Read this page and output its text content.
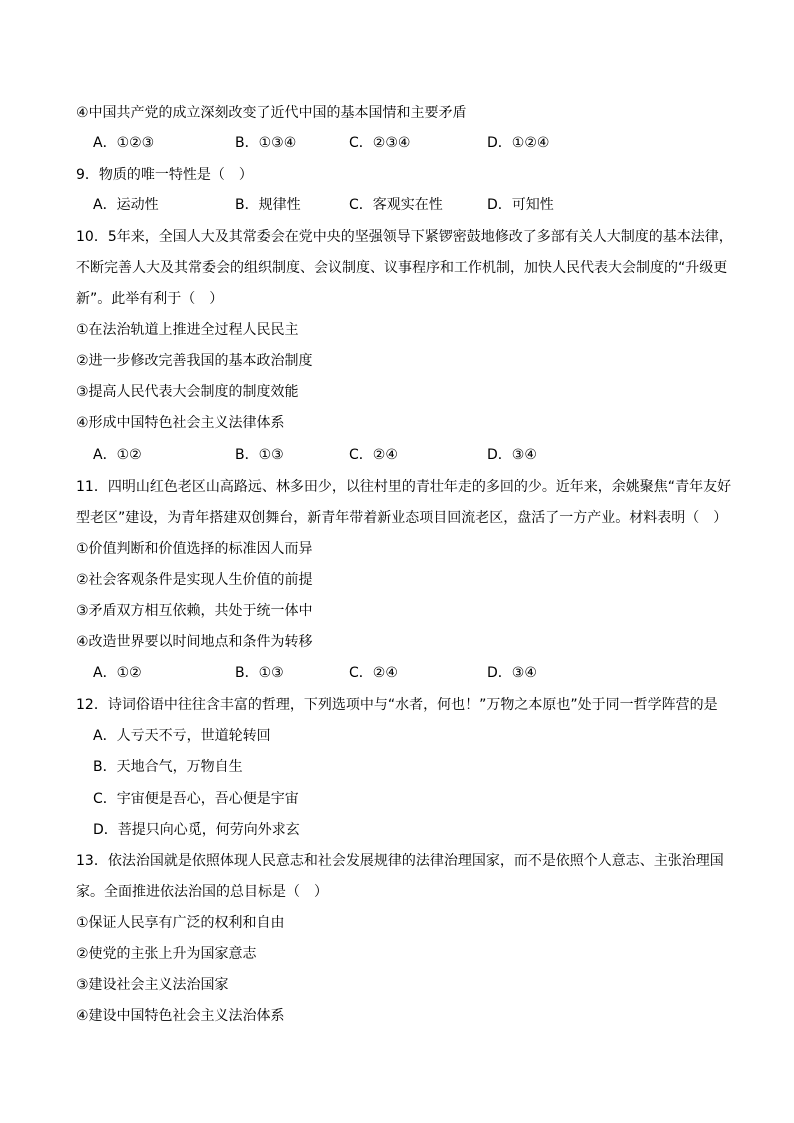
④中国共产党的成立深刻改变了近代中国的基本国情和主要矛盾
A．①②③	B．①③④	C．②③④	D．①②④
9．物质的唯一特性是（　）
A．运动性	B．规律性	C．客观实在性	D．可知性
10．5年来，全国人大及其常委会在党中央的坚强领导下紧锣密鼓地修改了多部有关人大制度的基本法律，
不断完善人大及其常委会的组织制度、会议制度、议事程序和工作机制，加快人民代表大会制度的“升级更
新”。此举有利于（　）
①在法治轨道上推进全过程人民民主
②进一步修改完善我国的基本政治制度
③提高人民代表大会制度的制度效能
④形成中国特色社会主义法律体系
A．①②	B．①③	C．②④	D．③④
11．四明山红色老区山高路远、林多田少，以往村里的青壮年走的多回的少。近年来，余姚聚焦“青年友好
型老区”建设，为青年搭建双创舞台，新青年带着新业态项目回流老区，盘活了一方产业。材料表明（　）
①价值判断和价值选择的标准因人而异
②社会客观条件是实现人生价值的前提
③矛盾双方相互依赖，共处于统一体中
④改造世界要以时间地点和条件为转移
A．①②	B．①③	C．②④	D．③④
12．诗词俗语中往往含丰富的哲理，下列选项中与“水者，何也！”万物之本原也”处于同一哲学阵营的是
A．人亏天不亏，世道轮转回
B．天地合气，万物自生
C．宇宙便是吾心，吾心便是宇宙
D．菩提只向心觅，何劳向外求玄
13．依法治国就是依照体现人民意志和社会发展规律的法律治理国家，而不是依照个人意志、主张治理国
家。全面推进依法治国的总目标是（　）
①保证人民享有广泛的权利和自由
②使党的主张上升为国家意志
③建设社会主义法治国家
④建设中国特色社会主义法治体系
